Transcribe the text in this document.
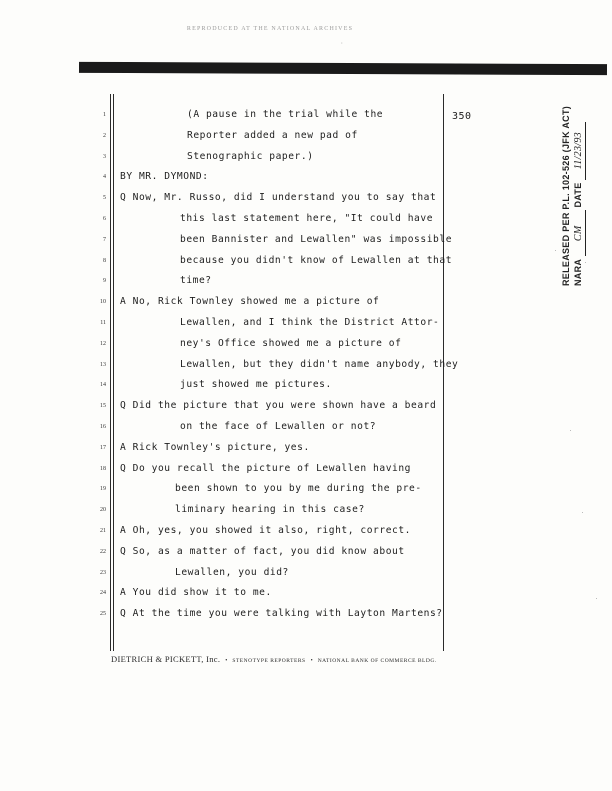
REPRODUCED AT THE NATIONAL ARCHIVES
·
350
1	(A pause in the trial while the
2	Reporter added a new pad of
3	Stenographic paper.)
4 BY MR. DYMOND:
5 Q Now, Mr. Russo, did I understand you to say that
6	this last statement here, "It could have
7	been Bannister and Lewallen" was impossible
8	because you didn't know of Lewallen at that
9	time?
10 A No, Rick Townley showed me a picture of
11	Lewallen, and I think the District Attor-
12	ney's Office showed me a picture of
13	Lewallen, but they didn't name anybody, they
14	just showed me pictures.
15 Q Did the picture that you were shown have a beard
16	on the face of Lewallen or not?
17 A Rick Townley's picture, yes.
18 Q Do you recall the picture of Lewallen having
19	been shown to you by me during the pre-
20	liminary hearing in this case?
21 A Oh, yes, you showed it also, right, correct.
22 Q So, as a matter of fact, you did know about
23	Lewallen, you did?
24 A You did show it to me.
25 Q At the time you were talking with Layton Martens?
DIETRICH & PICKETT, Inc. • STENOTYPE REPORTERS • NATIONAL BANK OF COMMERCE BLDG.
RELEASED PER P.L. 102-526 (JFK ACT) NARA CM DATE 11/23/93
